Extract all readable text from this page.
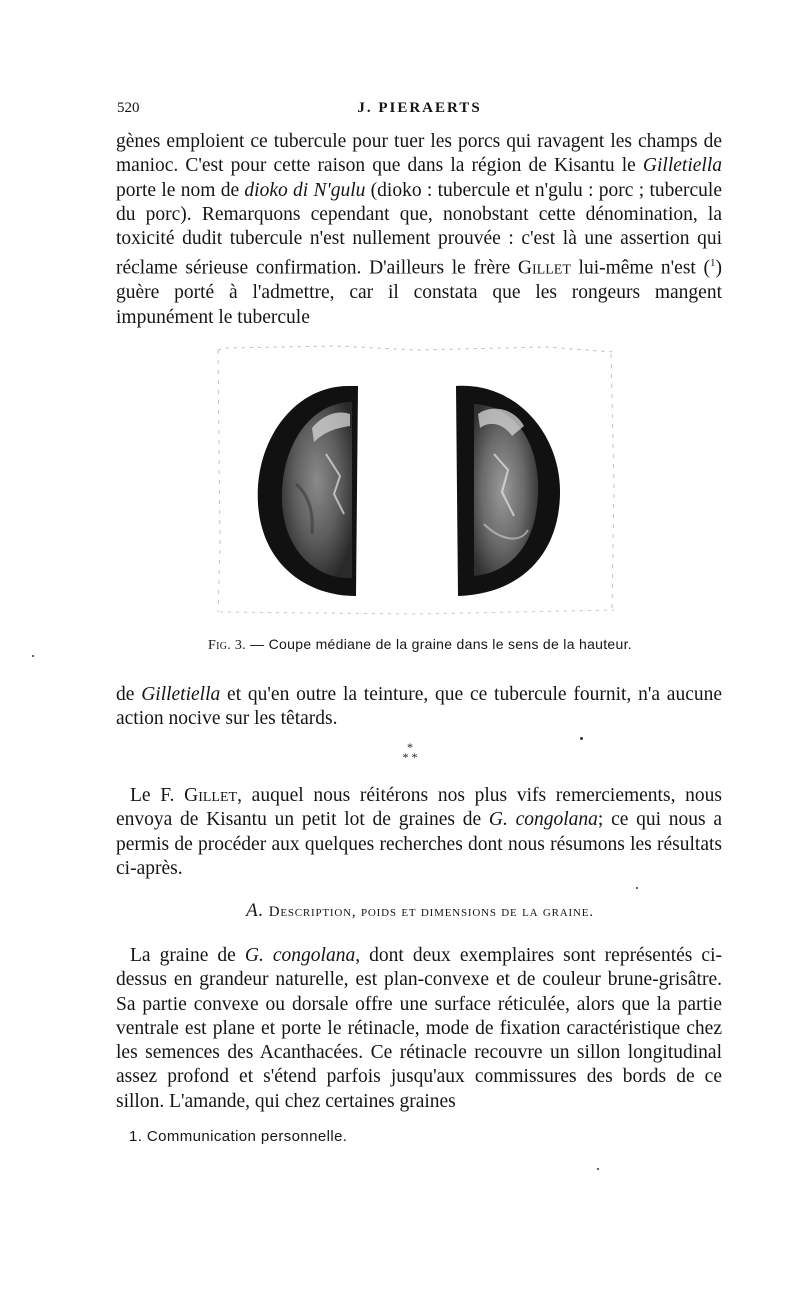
520	J. PIERAERTS

gènes emploient ce tubercule pour tuer les porcs qui ravagent les champs de manioc. C'est pour cette raison que dans la région de Kisantu le Gilletiella porte le nom de dioko di N'gulu (dioko : tubercule et n'gulu : porc ; tubercule du porc). Remarquons cependant que, nonobstant cette dénomination, la toxicité dudit tubercule n'est nullement prouvée : c'est là une assertion qui réclame sérieuse confirmation. D'ailleurs le frère Gillet lui-même n'est ($^1$) guère porté à l'admettre, car il constata que les rongeurs mangent impunément le tubercule

Fig. 3. — Coupe médiane de la graine dans le sens de la hauteur.

de Gilletiella et qu'en outre la teinture, que ce tubercule fournit, n'a aucune action nocive sur les têtards.

*
* *

Le F. Gillet, auquel nous réitérons nos plus vifs remerciements, nous envoya de Kisantu un petit lot de graines de G. congolana; ce qui nous a permis de procéder aux quelques recherches dont nous résumons les résultats ci-après.

A. Description, poids et dimensions de la graine.

La graine de G. congolana, dont deux exemplaires sont représentés ci-dessus en grandeur naturelle, est plan-convexe et de couleur brune-grisâtre. Sa partie convexe ou dorsale offre une surface réticulée, alors que la partie ventrale est plane et porte le rétinacle, mode de fixation caractéristique chez les semences des Acanthacées. Ce rétinacle recouvre un sillon longitudinal assez profond et s'étend parfois jusqu'aux commissures des bords de ce sillon. L'amande, qui chez certaines graines

1. Communication personnelle.
